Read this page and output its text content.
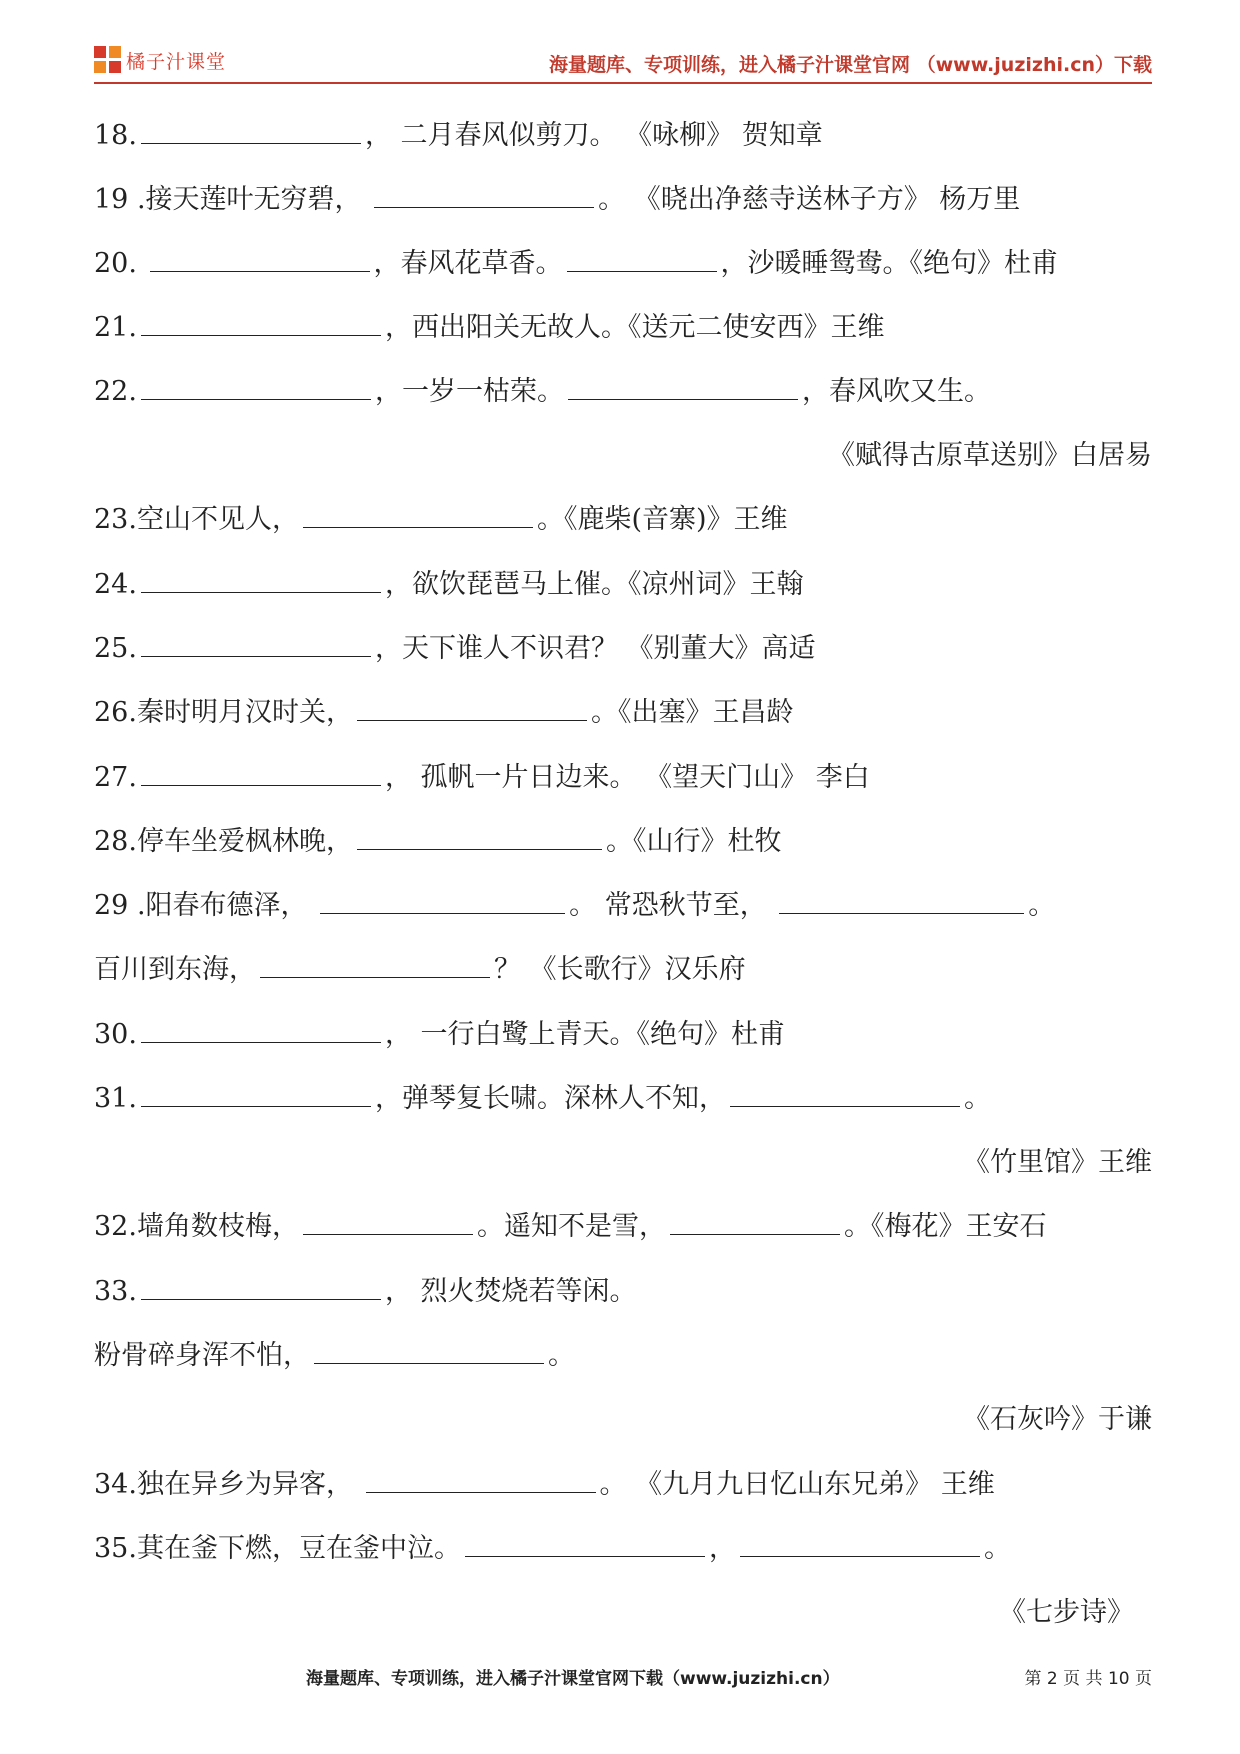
橘子汁课堂	海量题库、专项训练，进入橘子汁课堂官网 （www.juzizhi.cn）下载
18.	， 二月春风似剪刀。 《咏柳》 贺知章
19 .接天莲叶无穷碧，	。 《晓出净慈寺送林子方》 杨万里
20.	，春风花草香。	，沙暖睡鸳鸯。《绝句》杜甫
21.	，西出阳关无故人。《送元二使安西》王维
22.	，一岁一枯荣。	，春风吹又生。
《赋得古原草送别》白居易
23.空山不见人，	。《鹿柴(音寨)》王维
24.	，欲饮琵琶马上催。《凉州词》王翰
25.	，天下谁人不识君？ 《别董大》高适
26.秦时明月汉时关，	。《出塞》王昌龄
27.	， 孤帆一片日边来。 《望天门山》 李白
28.停车坐爱枫林晚，	。《山行》杜牧
29 .阳春布德泽，	。 常恐秋节至，	。
百川到东海，	？ 《长歌行》汉乐府
30.	， 一行白鹭上青天。《绝句》杜甫
31.	，弹琴复长啸。深林人不知，	。
《竹里馆》王维
32.墙角数枝梅，	。遥知不是雪，	。《梅花》王安石
33.	， 烈火焚烧若等闲。
粉骨碎身浑不怕，	。
《石灰吟》于谦
34.独在异乡为异客，	。 《九月九日忆山东兄弟》 王维
35.萁在釜下燃，豆在釜中泣。	，	。
《七步诗》
海量题库、专项训练，进入橘子汁课堂官网下载（www.juzizhi.cn）	第 2 页 共 10 页
